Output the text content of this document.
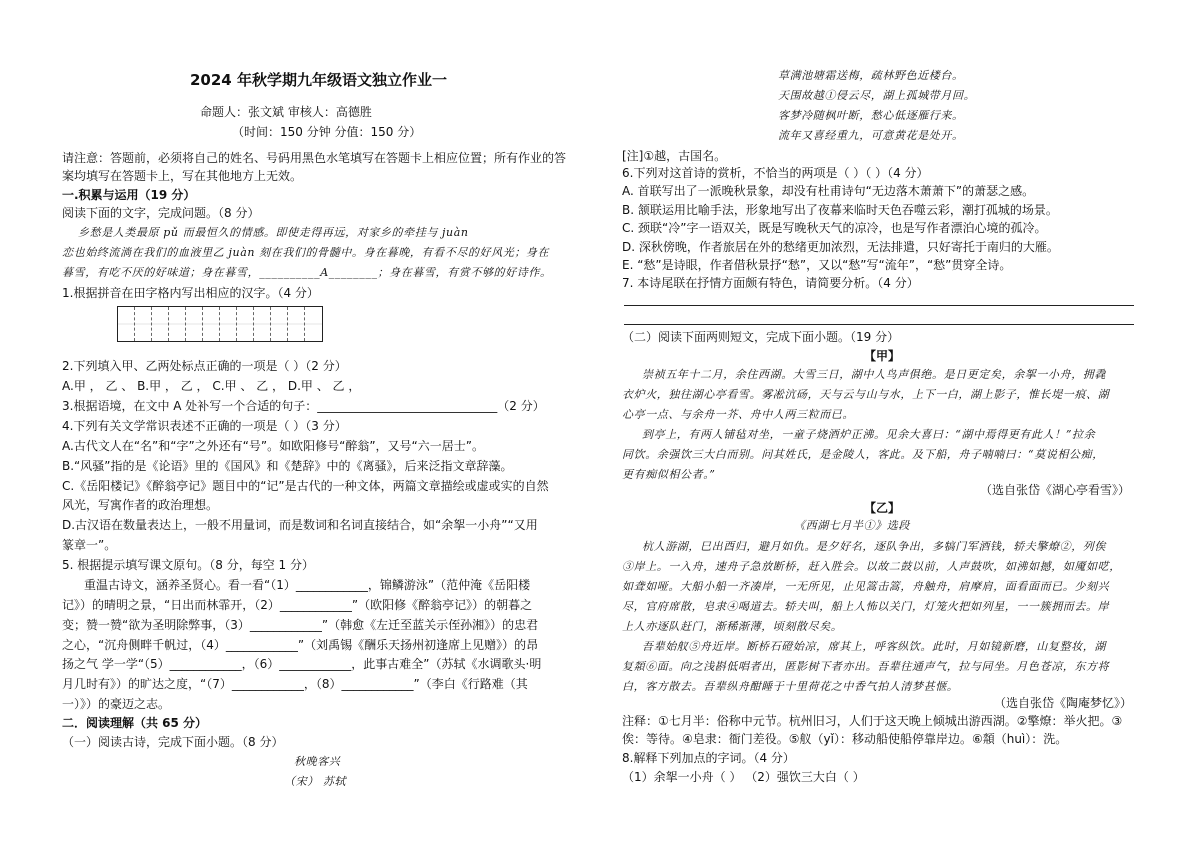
2024 年秋学期九年级语文独立作业一
命题人：张文斌 审核人：高德胜
（时间：150 分钟 分值：150 分）
请注意：答题前，必须将自己的姓名、号码用黑色水笔填写在答题卡上相应位置；所有作业的答
案均填写在答题卡上，写在其他地方上无效。
一.积累与运用（19 分）
阅读下面的文字，完成问题。（8 分）
乡愁是人类最原 pǔ 而最恒久的情感。即使走得再远，对家乡的牵挂与 juàn
恋也始终流淌在我们的血液里乙 juàn 刻在我们的骨髓中。身在暮晚，有看不尽的好风光；身在
暮雪，有吃不厌的好味道；身在暮雪，__________A________；身在暮雪，有赏不够的好诗作。
1.根据拼音在田字格内写出相应的汉字。（4 分）
2.下列填入甲、乙两处标点正确的一项是（ ）（2 分）
A.甲 ， 乙 、 B.甲 ， 乙 ， C.甲 、 乙 ， D.甲 、 乙 ，
3.根据语境，在文中 A 处补写一个合适的句子：______________________________（2 分）
4.下列有关文学常识表述不正确的一项是（ ）（3 分）
A.古代文人在“名”和“字”之外还有“号”。如欧阳修号“醉翁”，又号“六一居士”。
B.“风骚”指的是《论语》里的《国风》和《楚辞》中的《离骚》，后来泛指文章辞藻。
C.《岳阳楼记》《醉翁亭记》题目中的“记”是古代的一种文体，两篇文章描绘或虚或实的自然
风光，写寓作者的政治理想。
D.古汉语在数量表达上，一般不用量词，而是数词和名词直接结合，如“余挐一小舟”“又用
篆章一”。
5. 根据提示填写课文原句。（8 分，每空 1 分）
重温古诗文，涵养圣贤心。看一看“（1）____________，锦鳞游泳”（范仲淹《岳阳楼
记》）的晴明之景，“日出而林霏开，（2）____________”（欧阳修《醉翁亭记》）的朝暮之
变；赞一赞“欲为圣明除弊事，（3）____________”（韩愈《左迁至蓝关示侄孙湘》）的忠君
之心，“沉舟侧畔千帆过，（4）____________”（刘禹锡《酬乐天扬州初逢席上见赠》）的昂
扬之气 学一学“（5）____________，（6）____________，此事古难全”（苏轼《水调歌头·明
月几时有》）的旷达之度，“（7）____________，（8）____________”（李白《行路难（其
一）》）的豪迈之志。
二．阅读理解（共 65 分）
（一）阅读古诗，完成下面小题。（8 分）
秋晚客兴
（宋） 苏轼
草满池塘霜送梅，疏林野色近楼台。
天围故越①侵云尽，湖上孤城带月回。
客梦冷随枫叶断，愁心低逐雁行来。
流年又喜经重九，可意黄花是处开。
[注]①越，古国名。
6.下列对这首诗的赏析，不恰当的两项是（ ）（ ）（4 分）
A. 首联写出了一派晚秋景象，却没有杜甫诗句“无边落木萧萧下”的萧瑟之感。
B. 颔联运用比喻手法，形象地写出了夜幕来临时天色吞噬云彩，潮打孤城的场景。
C. 颈联“冷”字一语双关，既是写晚秋天气的凉冷，也是写作者漂泊心境的孤冷。
D. 深秋傍晚，作者旅居在外的愁绪更加浓烈，无法排遣，只好寄托于南归的大雁。
E. “愁”是诗眼，作者借秋景抒“愁”，又以“愁”写“流年”，“愁”贯穿全诗。
7. 本诗尾联在抒情方面颇有特色，请简要分析。（4 分）
（二）阅读下面两则短文，完成下面小题。（19 分）
【甲】
崇祯五年十二月，余住西湖。大雪三日，湖中人鸟声俱绝。是日更定矣，余挐一小舟，拥毳
衣炉火，独往湖心亭看雪。雾凇沆砀，天与云与山与水，上下一白，湖上影子，惟长堤一痕、湖
心亭一点、与余舟一芥、舟中人两三粒而已。
到亭上，有两人铺毡对坐，一童子烧酒炉正沸。见余大喜曰：“湖中焉得更有此人！”拉余
同饮。余强饮三大白而别。问其姓氏，是金陵人，客此。及下船，舟子喃喃曰：“莫说相公痴，
更有痴似相公者。”
（选自张岱《湖心亭看雪》）
【乙】
《西湖七月半①》选段
杭人游湖，巳出酉归，避月如仇。是夕好名，逐队争出，多犒门军酒钱，轿夫擎燎②，列俟
③岸上。一入舟，速舟子急放断桥，赶入胜会。以故二鼓以前，人声鼓吹，如沸如撼，如魇如呓，
如聋如哑。大船小船一齐凑岸，一无所见，止见篙击篙，舟触舟，肩摩肩，面看面而已。少刻兴
尽，官府席散，皂隶④喝道去。轿夫叫，船上人怖以关门，灯笼火把如列星，一一簇拥而去。岸
上人亦逐队赶门，渐稀渐薄，顷刻散尽矣。
吾辈始舣⑤舟近岸。断桥石磴始凉，席其上，呼客纵饮。此时，月如镜新磨，山复整妆，湖
复頮⑥面。向之浅斟低唱者出，匿影树下者亦出。吾辈往通声气，拉与同坐。月色苍凉，东方将
白，客方散去。吾辈纵舟酣睡于十里荷花之中香气拍人清梦甚惬。
（选自张岱《陶庵梦忆》）
注释：①七月半：俗称中元节。杭州旧习，人们于这天晚上倾城出游西湖。②擎燎：举火把。③
俟：等待。④皂隶：衙门差役。⑤舣（yǐ）：移动船使船停靠岸边。⑥頮（huì）：洗。
8.解释下列加点的字词。（4 分）
（1）余挐一小舟（ ） （2）强饮三大白（ ）
